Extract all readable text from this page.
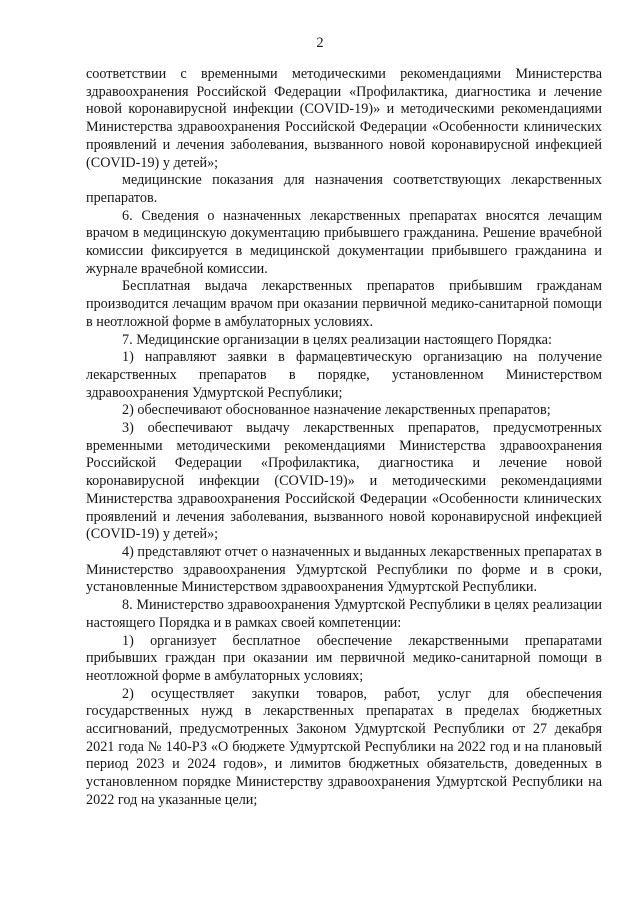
2

соответствии с временными методическими рекомендациями Министерства здравоохранения Российской Федерации «Профилактика, диагностика и лечение новой коронавирусной инфекции (COVID-19)» и методическими рекомендациями Министерства здравоохранения Российской Федерации «Особенности клинических проявлений и лечения заболевания, вызванного новой коронавирусной инфекцией (COVID-19) у детей»;

медицинские показания для назначения соответствующих лекарственных препаратов.

6. Сведения о назначенных лекарственных препаратах вносятся лечащим врачом в медицинскую документацию прибывшего гражданина. Решение врачебной комиссии фиксируется в медицинской документации прибывшего гражданина и журнале врачебной комиссии.

Бесплатная выдача лекарственных препаратов прибывшим гражданам производится лечащим врачом при оказании первичной медико-санитарной помощи в неотложной форме в амбулаторных условиях.

7. Медицинские организации в целях реализации настоящего Порядка:

1) направляют заявки в фармацевтическую организацию на получение лекарственных препаратов в порядке, установленном Министерством здравоохранения Удмуртской Республики;

2) обеспечивают обоснованное назначение лекарственных препаратов;

3) обеспечивают выдачу лекарственных препаратов, предусмотренных временными методическими рекомендациями Министерства здравоохранения Российской Федерации «Профилактика, диагностика и лечение новой коронавирусной инфекции (COVID-19)» и методическими рекомендациями Министерства здравоохранения Российской Федерации «Особенности клинических проявлений и лечения заболевания, вызванного новой коронавирусной инфекцией (COVID-19) у детей»;

4) представляют отчет о назначенных и выданных лекарственных препаратах в Министерство здравоохранения Удмуртской Республики по форме и в сроки, установленные Министерством здравоохранения Удмуртской Республики.

8. Министерство здравоохранения Удмуртской Республики в целях реализации настоящего Порядка и в рамках своей компетенции:

1) организует бесплатное обеспечение лекарственными препаратами прибывших граждан при оказании им первичной медико-санитарной помощи в неотложной форме в амбулаторных условиях;

2) осуществляет закупки товаров, работ, услуг для обеспечения государственных нужд в лекарственных препаратах в пределах бюджетных ассигнований, предусмотренных Законом Удмуртской Республики от 27 декабря 2021 года № 140-РЗ «О бюджете Удмуртской Республики на 2022 год и на плановый период 2023 и 2024 годов», и лимитов бюджетных обязательств, доведенных в установленном порядке Министерству здравоохранения Удмуртской Республики на 2022 год на указанные цели;
